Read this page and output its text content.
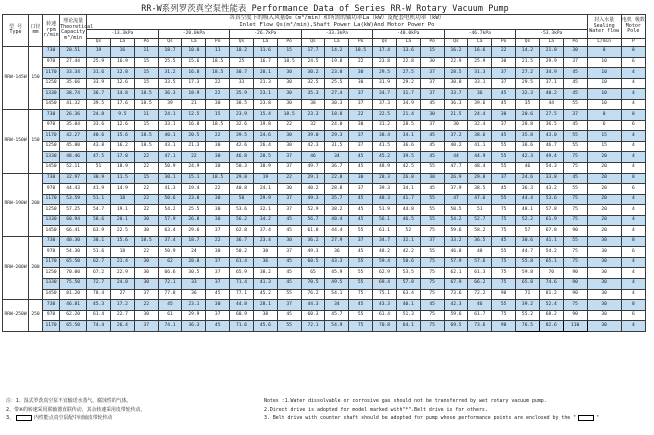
RR-W系列罗茨真空泵性能表 Performance Data of Series RR-W Rotary Vacuum Pump
型 号
Type	口径
mm	转速
rpm r/min	理论流量
Theoretical Capacity m³/min	各真空度下的吸入风量Qs（m³/min）和所需的轴功率La（kW）及配套电机功率（kW）
Inlet Flow Qs(m³/min),Shaft Power La(kW)And Motor Power Po																					封入水量 Sealing Water flow	电机 极数 Motor Pole
				-13.3kPa			-20.0kPa			-26.7kPa			-33.3kPa			-40.0kPa			-46.7kPa			-53.3kPa				
				Qs	La	Po	Qs	La	Po	Qs	La	Po	Qs	La	Po	Qs	La	Po	Qs	La	Po	Qs	La	Po	L/min	P
RRW-145W	150	730	20.51	19	16	11	18.7	10.0	11	18.2	11.6	15	17.7	14.2	18.5	17.4	13.6	15	16.2	16.6	22	14.2	21.8	30	8	8
		970	27.44	25.9	16.9	15	25.5	15.6	18.5	25	16.7	18.5	24.5	19.8	22	23.8	22.8	30	22.9	25.9	30	21.5	29.9	37	10	6
		1170	33.34	31.6	12.8	15	31.2	16.8	18.5	30.7	20.1	30	30.2	23.8	30	29.5	27.5	37	28.5	31.3	37	27.2	34.9	45	10	4
		1250	35.66	33.9	12.6	15	33.5	17.3	22	33	21.3	30	32.5	25.5	30	31.9	29.2	37	30.8	33.1	37	29.5	37.1	45	10	4
		1330	38.74	36.7	14.8	18.5	36.3	18.9	22	35.9	23.1	30	35.3	27.4	37	34.7	31.7	37	33.7	36	45	32.3	40.2	45	10	4
		1450	41.32	39.5	17.6	18.5	39	21	30	38.5	23.8	30	38	30.3	37	37.3	34.9	45	36.3	39.6	45	35	44	55	10	4
RRW-150W	150	730	26.36	24.8	9.5	11	24.1	12.5	15	23.9	15.4	18.5	23.3	18.8	22	22.5	21.4	30	21.5	24.4	30	20.6	27.5	37	8	8
		970	35.04	33.6	12.6	15	33.1	16.8	18.5	32.6	19.8	22	32	24.0	30	31.2	28.5	37	30	32.4	37	28.8	36.5	45	6	6
		1170	42.27	40.6	15.6	18.5	40.1	20.5	22	39.5	24.6	30	39.0	29.3	37	38.4	34.1	45	37.2	38.6	45	35.8	43.0	55	15	4
		1250	45.80	43.8	16.2	18.5	43.1	21.3	30	42.6	26.4	30	42.3	31.5	37	41.5	36.6	45	40.2	41.1	55	38.6	46.7	55	15	4
		1330	48.46	47.5	17.8	22	47.1	22	30	46.8	28.5	37	46	34	45	45.2	39.5	45	44	44.9	55	42.3	49.4	75	20	4
		1450	52.11	51	18.9	22	50.9	24.9	30	50.3	30.9	37	49.7	36.7	45	48.9	42.5	55	47.7	48.4	55	46	54.3	75	20	4
RRW-190W	200	730	32.97	30.9	11.5	15	30.1	15.1	18.5	29.8	19	22	29.1	22.8	30	28.3	26.8	30	26.9	29.8	37	24.6	33.8	45	20	8
		970	44.43	41.9	14.9	22	41.3	19.4	22	40.8	24.1	30	40.2	28.8	37	39.3	34.1	45	37.9	38.5	45	36.3	43.2	55	20	6
		1170	53.59	51.1	18	22	50.6	23.8	30	50	29.9	37	49.3	35.7	45	48.3	41.7	55	47	47.6	55	44.4	53.6	75	20	4
		1250	57.25	54.7	19.1	22	54.2	25.5	30	53.6	32.1	37	52.9	38.2	45	51.9	44.8	55	50.5	51	75	48.1	57.8	75	20	4
		1330	60.94	58.6	20.1	30	57.9	26.8	30	56.2	34.2	45	56.7	40.4	45	56.1	46.5	55	54.2	52.7	75	52.2	61.9	75	20	4
		1450	66.41	63.9	22.5	30	63.4	29.6	37	62.8	37.4	45	61.8	44.4	55	61.1	52	75	59.6	58.2	75	57	67.8	90	20	4
RRW-200W	200	730	40.30	38.1	15.6	18.5	37.4	18.7	22	36.7	23.4	30	36.2	27.9	37	34.7	32.1	37	33.2	36.5	45	30.6	41.1	55	30	8
		970	54.30	51.6	18	22	50.9	24	30	50.2	30	37	49.3	36	45	48.2	42.2	55	46.8	48	55	44.7	54.2	75	30	6
		1170	65.50	62.7	21.4	30	62	28.8	37	61.4	36	45	60.5	43.3	55	59.4	50.6	75	57.9	57.6	75	55.8	65.1	75	30	4
		1250	70.00	67.2	22.9	30	66.6	30.5	37	65.9	38.2	45	65	45.9	55	62.9	53.5	75	62.1	61.3	75	59.8	70	90	30	4
		1330	75.50	72.7	24.8	30	72.1	33	37	71.4	41.3	45	70.5	49.5	55	69.4	57.8	75	67.9	66.2	75	65.8	74.6	90	30	4
		1450	81.20	78.4	27	37	77.8	36	45	77.1	45.2	55	76.2	54.1	75	75.1	63.4	75	73.6	72.2	90	71	81.2	90	30	4
RRW-250W	250	730	46.81	45.3	17.2	22	45	23.1	30	44.8	28.1	37	44.3	34	45	43.3	40.1	45	42.3	46	55	39.2	52.4	75	30	8
		970	62.20	61.4	22.7	30	61	29.9	37	60.9	38	45	60.3	45.7	55	61.4	51.3	75	59.6	61.7	75	55.2	68.2	90	30	6
		1170	65.50	74.4	26.4	37	74.1	36.3	45	71.6	45.6	55	72.1	54.9	75	70.8	64.1	75	69.5	73.6	90	76.5	82.6	110	30	4
注：1、湿式罗茨真空泵不宜输送水蒸气、腐蚀性的气体。
2、带※的转速采用联轴器直联传动，其余转速采用皮带轮传动。
3、	内性能点真空泵配中间轴皮带轮传动
Notes :1.Water dissolvable or corrosive gas should not be transferred by wet rotary vacuum pump.
2.Direct drive is adopted for model marked with"*".Belt drive is for others.
3. Belt drive with counter shaft should be adopted for pump whose performance points are enclosed by the "	"
